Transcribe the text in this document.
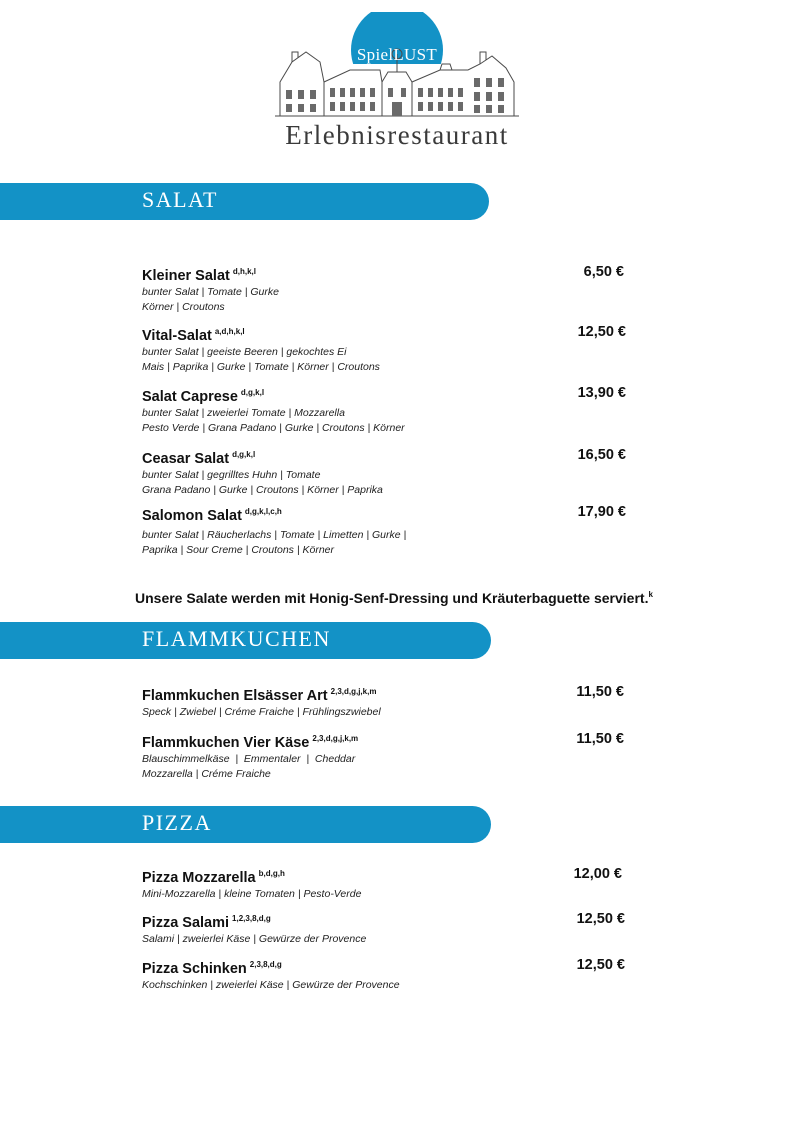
SpielLUST
Erlebnisrestaurant
SALAT
Kleiner Salat $^{d,h,k,l}$
bunter Salat | Tomate | Gurke
Körner | Croutons
6,50 €
Vital-Salat $^{a,d,h,k,l}$
bunter Salat | geeiste Beeren | gekochtes Ei
Mais | Paprika | Gurke | Tomate | Körner | Croutons
12,50 €
Salat Caprese $^{d,g,k,l}$
bunter Salat | zweierlei Tomate | Mozzarella
Pesto Verde | Grana Padano | Gurke | Croutons | Körner
13,90 €
Ceasar Salat $^{d,g,k,l}$
bunter Salat | gegrilltes Huhn | Tomate
Grana Padano | Gurke | Croutons | Körner | Paprika
16,50 €
Salomon Salat $^{d,g,k,l,c,h}$
bunter Salat | Räucherlachs | Tomate | Limetten | Gurke |
Paprika | Sour Creme | Croutons | Körner
17,90 €
Unsere Salate werden mit Honig-Senf-Dressing und Kräuterbaguette serviert.$^k$
FLAMMKUCHEN
Flammkuchen Elsässer Art $^{2,3,d,g,j,k,m}$
Speck | Zwiebel | Créme Fraiche | Frühlingszwiebel
11,50 €
Flammkuchen Vier Käse $^{2,3,d,g,j,k,m}$
Blauschimmelkäse  |  Emmentaler  |  Cheddar
Mozzarella | Créme Fraiche
11,50 €
PIZZA
Pizza Mozzarella $^{b,d,g,h}$
Mini-Mozzarella | kleine Tomaten | Pesto-Verde
12,00 €
Pizza Salami $^{1,2,3,8,d,g}$
Salami | zweierlei Käse | Gewürze der Provence
12,50 €
Pizza Schinken $^{2,3,8,d,g}$
Kochschinken | zweierlei Käse | Gewürze der Provence
12,50 €
